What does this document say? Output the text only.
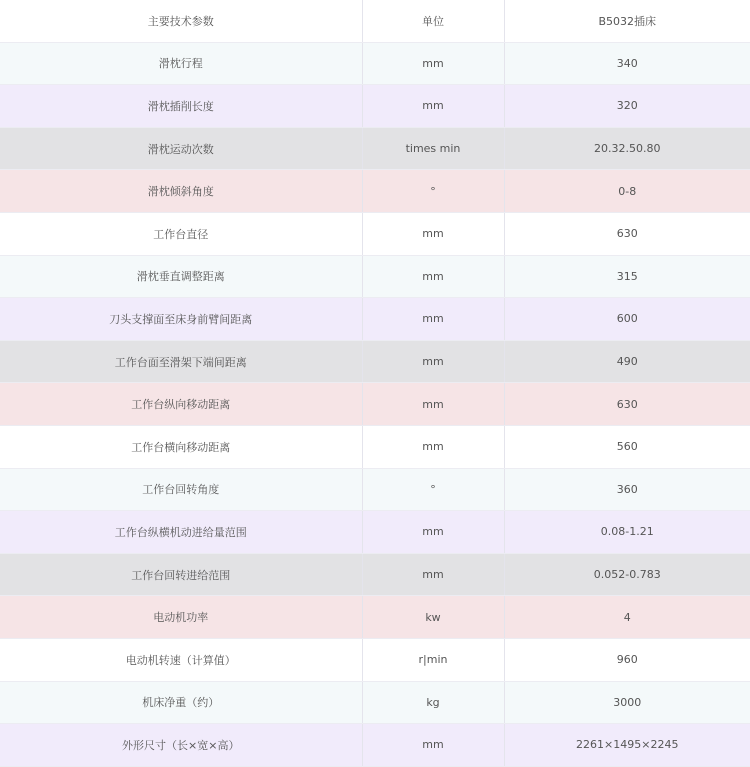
主要技术参数	单位	B5032插床
滑枕行程	mm	340
滑枕插削长度	mm	320
滑枕运动次数	times min	20.32.50.80
滑枕倾斜角度	°	0-8
工作台直径	mm	630
滑枕垂直调整距离	mm	315
刀头支撑面至床身前臂间距离	mm	600
工作台面至滑架下端间距离	mm	490
工作台纵向移动距离	mm	630
工作台横向移动距离	mm	560
工作台回转角度	°	360
工作台纵横机动进给量范围	mm	0.08-1.21
工作台回转进给范围	mm	0.052-0.783
电动机功率	kw	4
电动机转速（计算值）	r|min	960
机床净重（约）	kg	3000
外形尺寸（长×宽×高）	mm	2261×1495×2245
